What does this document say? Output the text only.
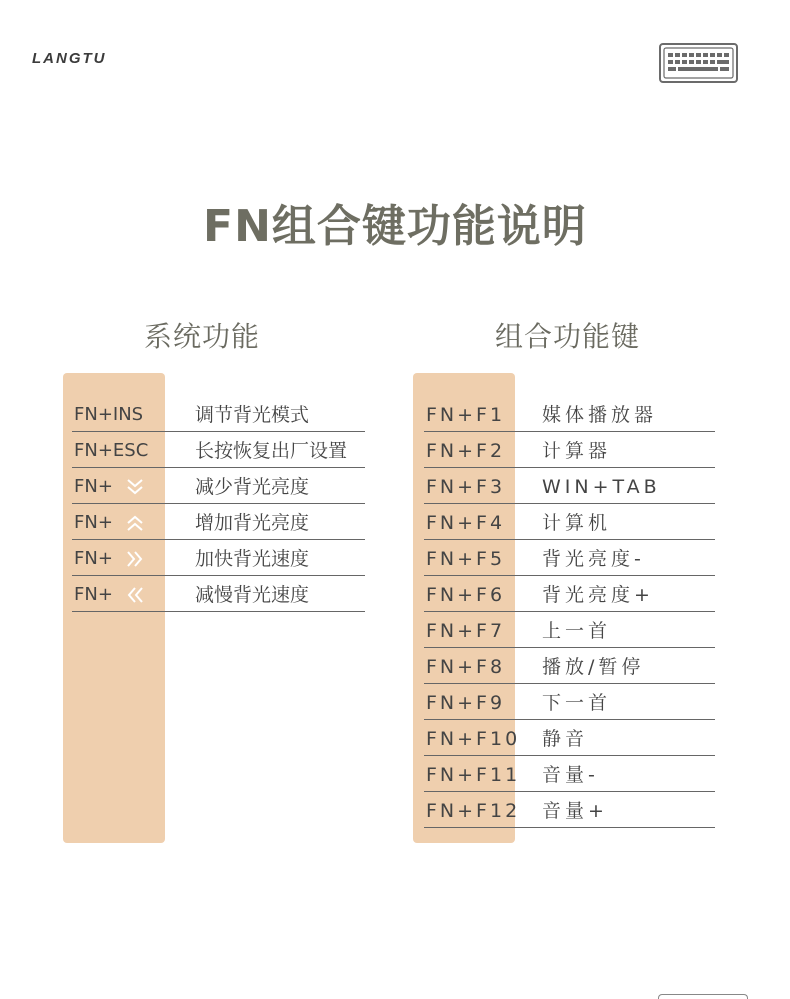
LANGTU
FN组合键功能说明
系统功能	组合功能键
FN+INS	调节背光模式
FN+ESC 长按恢复出厂设置
FN+	减少背光亮度
FN+	增加背光亮度
FN+	加快背光速度
FN+	减慢背光速度
FN+F1 媒体播放器
FN+F2 计算器
FN+F3 WIN+TAB
FN+F4 计算机
FN+F5 背光亮度-
FN+F6 背光亮度+
FN+F7 上一首
FN+F8 播放/暂停
FN+F9 下一首
FN+F10 静音
FN+F11 音量-
FN+F12 音量+
